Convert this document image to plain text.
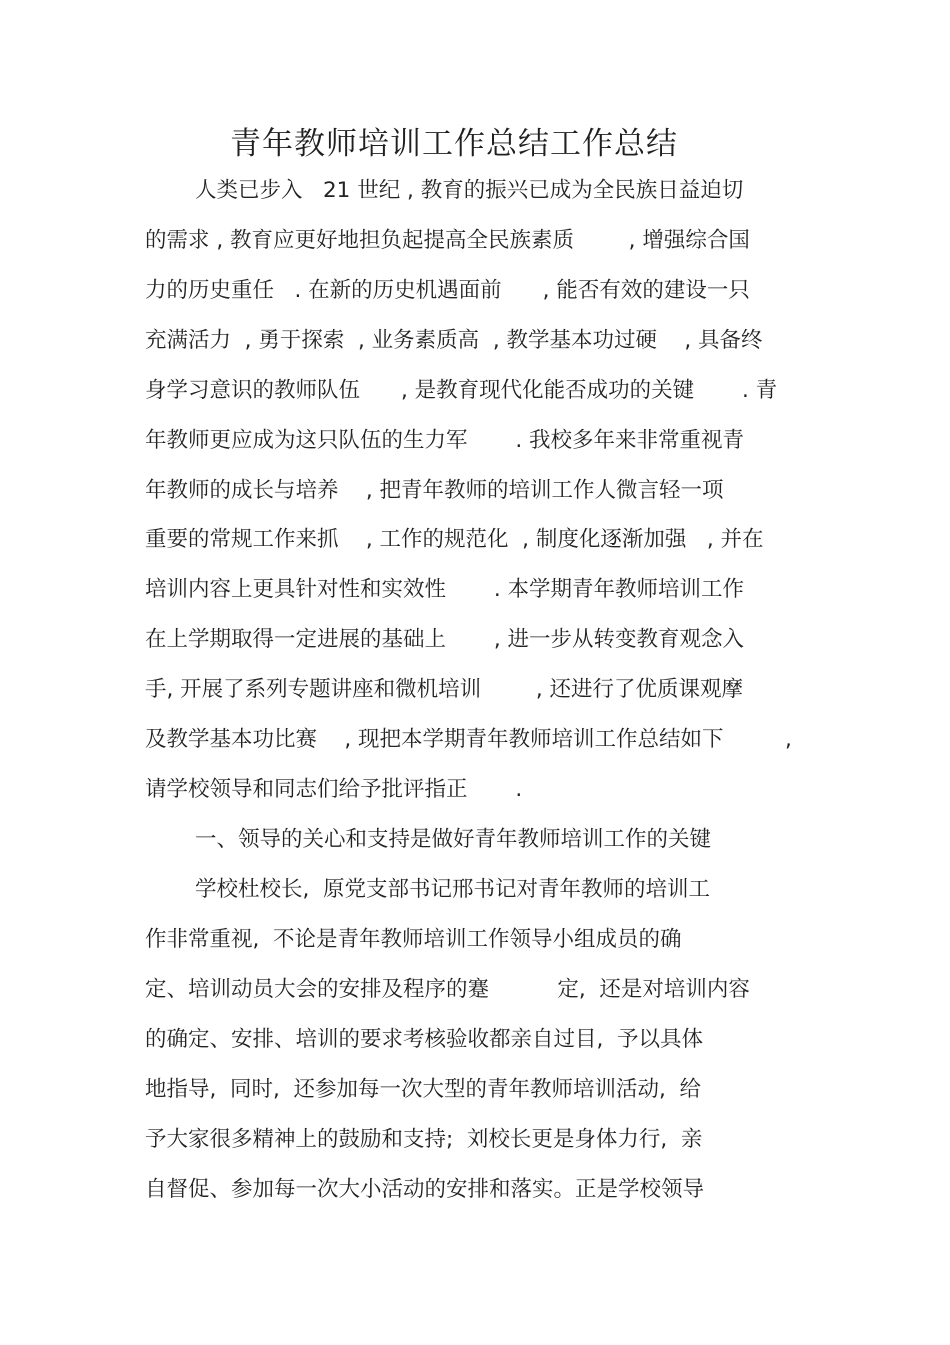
青年教师培训工作总结工作总结
人类已步入   21 世纪 , 教育的振兴已成为全民族日益迫切
的需求 , 教育应更好地担负起提高全民族素质        , 增强综合国
力的历史重任   . 在新的历史机遇面前      , 能否有效的建设一只
充满活力  , 勇于探索  , 业务素质高  , 教学基本功过硬    , 具备终
身学习意识的教师队伍      , 是教育现代化能否成功的关键       . 青
年教师更应成为这只队伍的生力军       . 我校多年来非常重视青
年教师的成长与培养    , 把青年教师的培训工作人微言轻一项
重要的常规工作来抓    , 工作的规范化  , 制度化逐渐加强   , 并在
培训内容上更具针对性和实效性       . 本学期青年教师培训工作
在上学期取得一定进展的基础上       , 进一步从转变教育观念入
手, 开展了系列专题讲座和微机培训        , 还进行了优质课观摩
及教学基本功比赛    , 现把本学期青年教师培训工作总结如下         ,
请学校领导和同志们给予批评指正       .
一、领导的关心和支持是做好青年教师培训工作的关键
学校杜校长,  原党支部书记邢书记对青年教师的培训工
作非常重视,  不论是青年教师培训工作领导小组成员的确
定、培训动员大会的安排及程序的蹇          定,  还是对培训内容
的确定、安排、培训的要求考核验收都亲自过目,  予以具体
地指导,  同时,  还参加每一次大型的青年教师培训活动,  给
予大家很多精神上的鼓励和支持;  刘校长更是身体力行,  亲
自督促、参加每一次大小活动的安排和落实。正是学校领导
